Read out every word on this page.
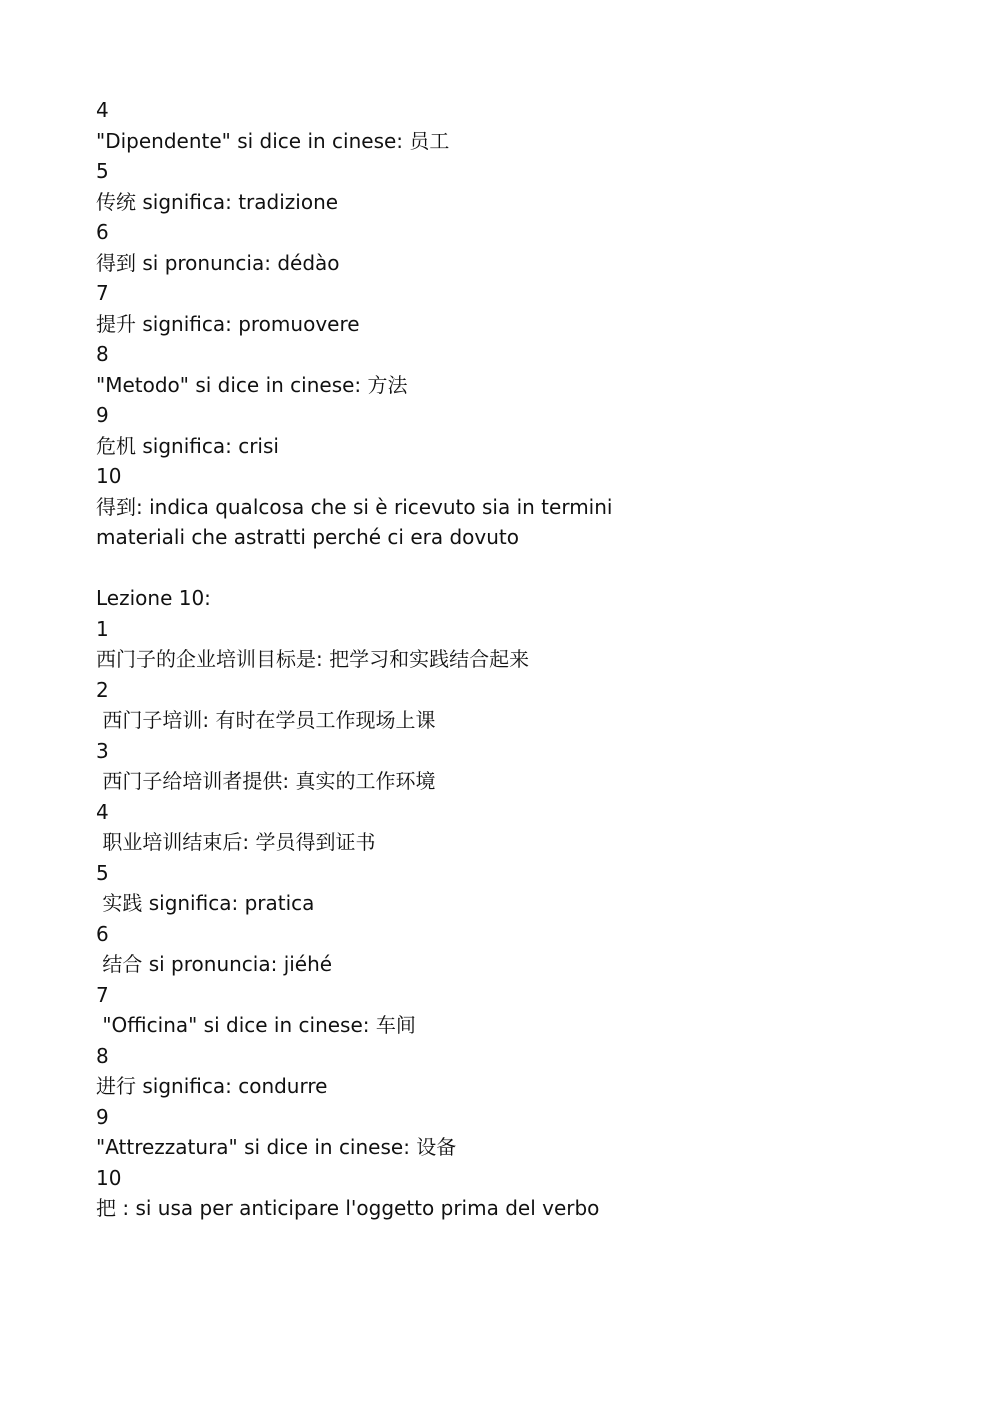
4

"Dipendente" si dice in cinese: 员工

5

传统 significa: tradizione

6

得到 si pronuncia: dédào

7

提升 significa: promuovere

8

"Metodo" si dice in cinese: 方法

9

危机 significa: crisi

10

得到: indica qualcosa che si è ricevuto sia in termini

materiali che astratti perché ci era dovuto

Lezione 10:

1

西门子的企业培训目标是: 把学习和实践结合起来

2

西门子培训: 有时在学员工作现场上课

3

西门子给培训者提供: 真实的工作环境

4

职业培训结束后: 学员得到证书

5

实践 significa: pratica

6

结合 si pronuncia: jiéhé

7

"Officina" si dice in cinese: 车间

8

进行 significa: condurre

9

"Attrezzatura" si dice in cinese: 设备

10

把 : si usa per anticipare l'oggetto prima del verbo
